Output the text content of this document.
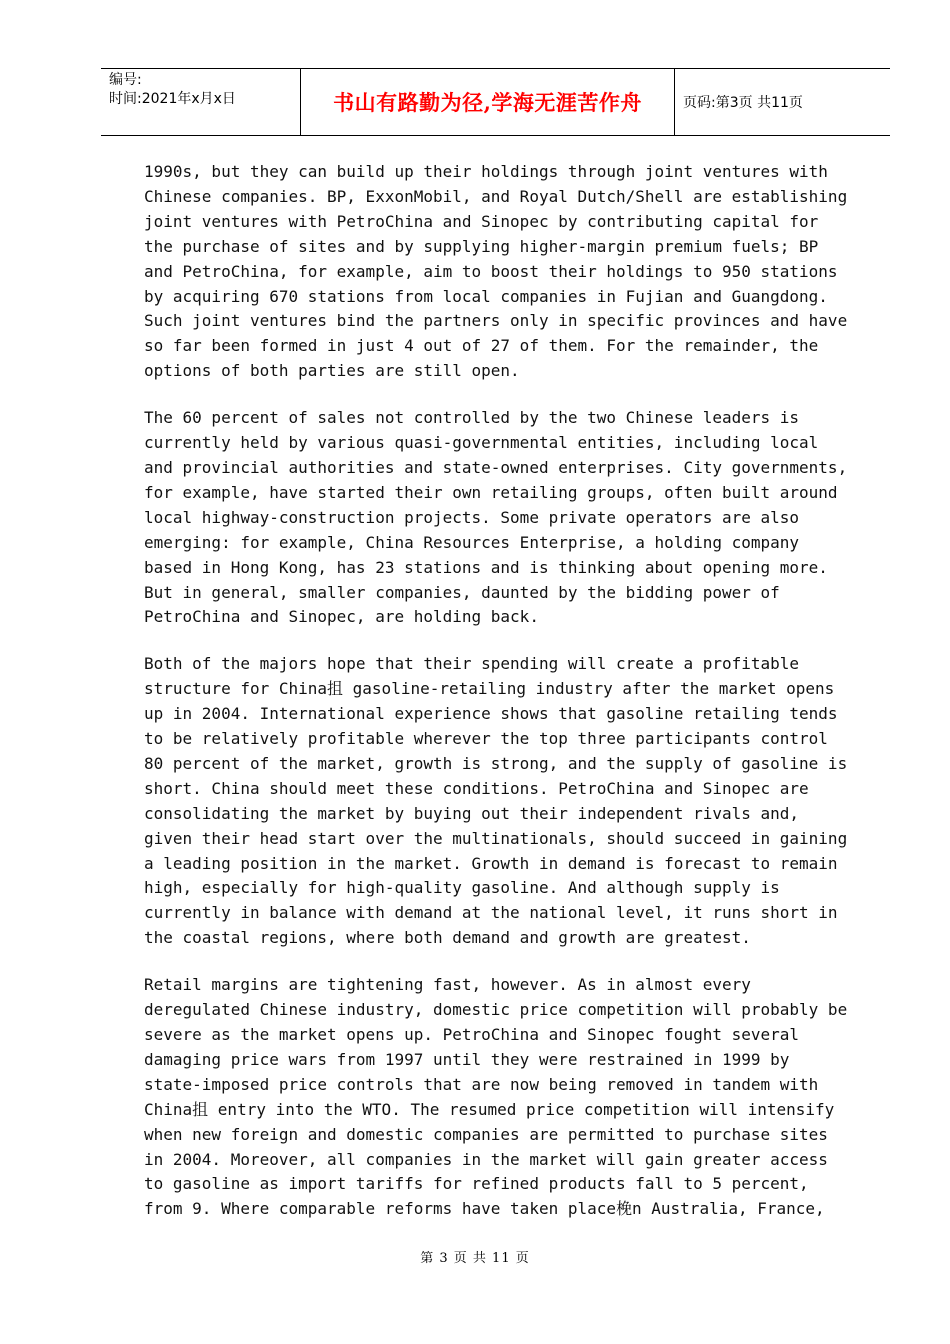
编号:
时间:2021年x月x日	书山有路勤为径,学海无涯苦作舟	页码:第3页 共11页

1990s, but they can build up their holdings through joint ventures with
Chinese companies. BP, ExxonMobil, and Royal Dutch/Shell are establishing
joint ventures with PetroChina and Sinopec by contributing capital for
the purchase of sites and by supplying higher-margin premium fuels; BP
and PetroChina, for example, aim to boost their holdings to 950 stations
by acquiring 670 stations from local companies in Fujian and Guangdong.
Such joint ventures bind the partners only in specific provinces and have
so far been formed in just 4 out of 27 of them. For the remainder, the
options of both parties are still open.

The 60 percent of sales not controlled by the two Chinese leaders is
currently held by various quasi-governmental entities, including local
and provincial authorities and state-owned enterprises. City governments,
for example, have started their own retailing groups, often built around
local highway-construction projects. Some private operators are also
emerging: for example, China Resources Enterprise, a holding company
based in Hong Kong, has 23 stations and is thinking about opening more.
But in general, smaller companies, daunted by the bidding power of
PetroChina and Sinopec, are holding back.

Both of the majors hope that their spending will create a profitable
structure for China抯 gasoline-retailing industry after the market opens
up in 2004. International experience shows that gasoline retailing tends
to be relatively profitable wherever the top three participants control
80 percent of the market, growth is strong, and the supply of gasoline is
short. China should meet these conditions. PetroChina and Sinopec are
consolidating the market by buying out their independent rivals and,
given their head start over the multinationals, should succeed in gaining
a leading position in the market. Growth in demand is forecast to remain
high, especially for high-quality gasoline. And although supply is
currently in balance with demand at the national level, it runs short in
the coastal regions, where both demand and growth are greatest.

Retail margins are tightening fast, however. As in almost every
deregulated Chinese industry, domestic price competition will probably be
severe as the market opens up. PetroChina and Sinopec fought several
damaging price wars from 1997 until they were restrained in 1999 by
state-imposed price controls that are now being removed in tandem with
China抯 entry into the WTO. The resumed price competition will intensify
when new foreign and domestic companies are permitted to purchase sites
in 2004. Moreover, all companies in the market will gain greater access
to gasoline as import tariffs for refined products fall to 5 percent,
from 9. Where comparable reforms have taken place梚n Australia, France,

第 3 页 共 11 页
